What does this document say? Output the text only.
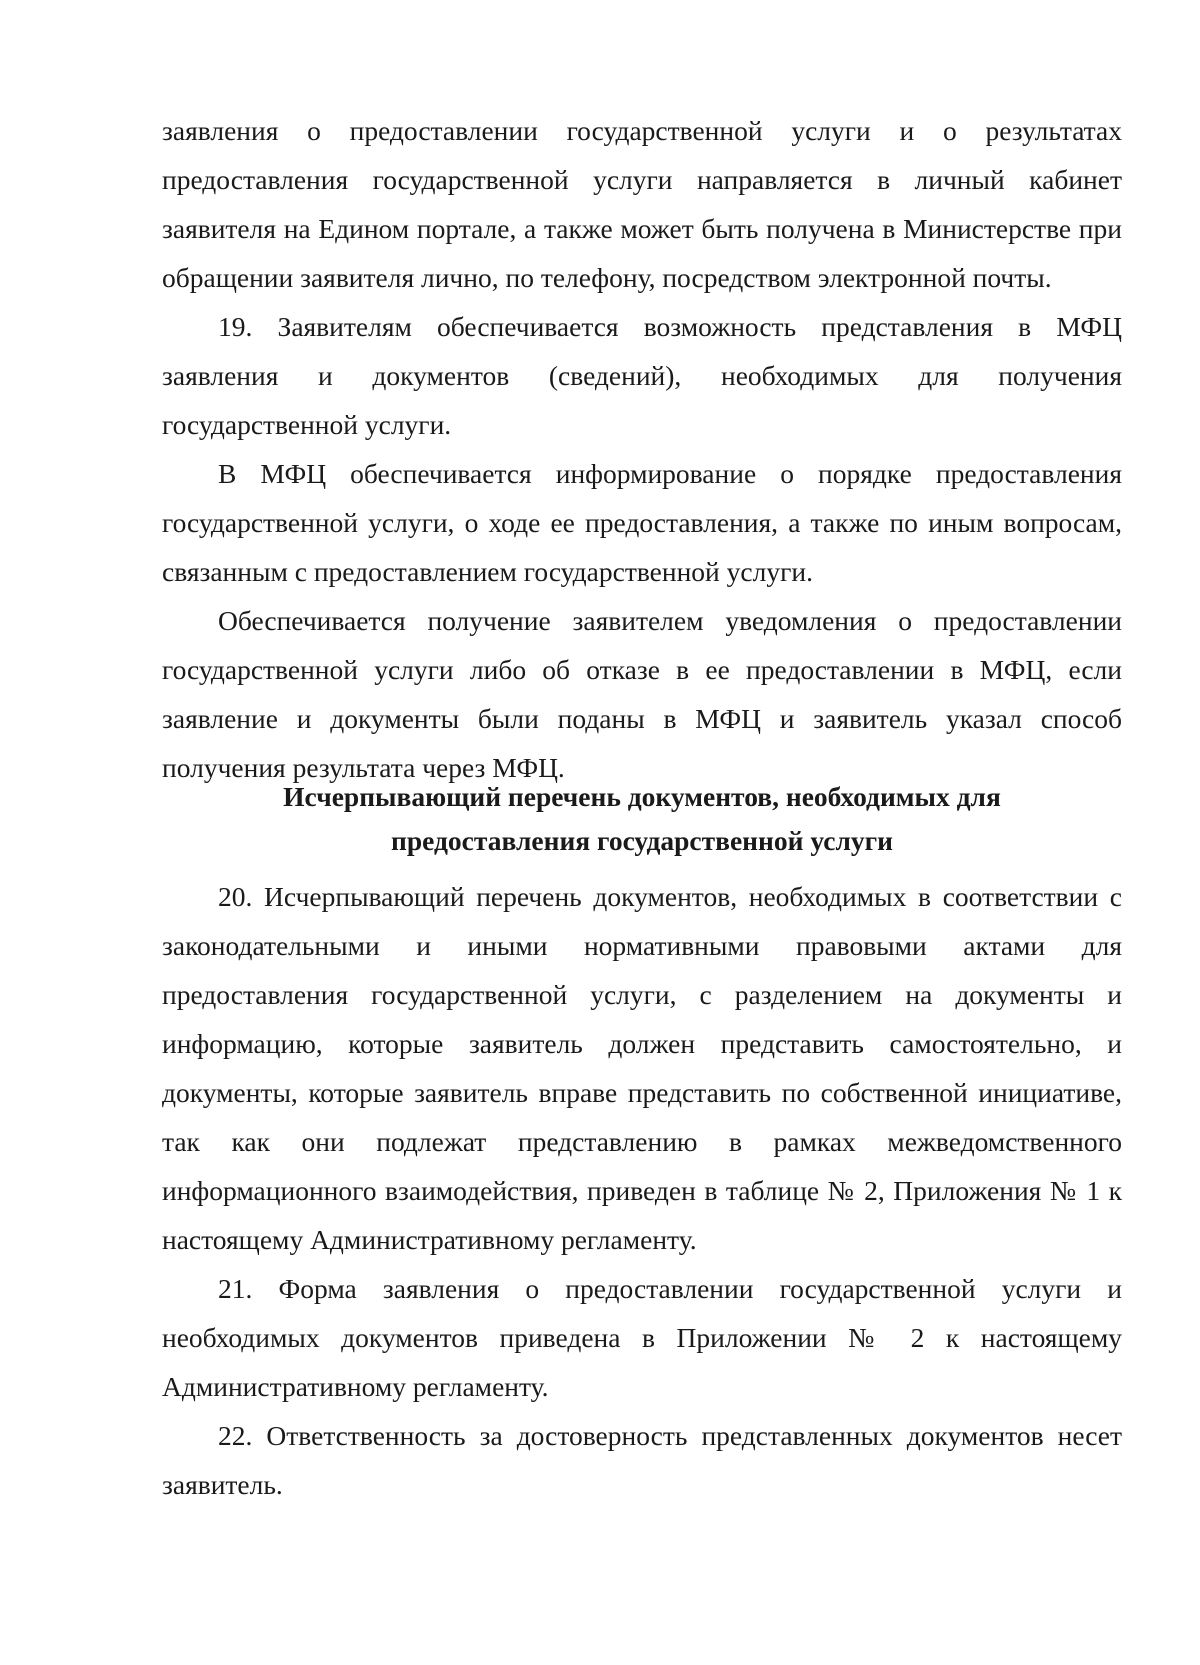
заявления о предоставлении государственной услуги и о результатах предоставления государственной услуги направляется в личный кабинет заявителя на Едином портале, а также может быть получена в Министерстве при обращении заявителя лично, по телефону, посредством электронной почты.

19. Заявителям обеспечивается возможность представления в МФЦ заявления и документов (сведений), необходимых для получения государственной услуги.

В МФЦ обеспечивается информирование о порядке предоставления государственной услуги, о ходе ее предоставления, а также по иным вопросам, связанным с предоставлением государственной услуги.

Обеспечивается получение заявителем уведомления о предоставлении государственной услуги либо об отказе в ее предоставлении в МФЦ, если заявление и документы были поданы в МФЦ и заявитель указал способ получения результата через МФЦ.

Исчерпывающий перечень документов, необходимых для

предоставления государственной услуги

20. Исчерпывающий перечень документов, необходимых в соответствии с законодательными и иными нормативными правовыми актами для предоставления государственной услуги, с разделением на документы и информацию, которые заявитель должен представить самостоятельно, и документы, которые заявитель вправе представить по собственной инициативе, так как они подлежат представлению в рамках межведомственного информационного взаимодействия, приведен в таблице № 2, Приложения № 1 к настоящему Административному регламенту.

21. Форма заявления о предоставлении государственной услуги и необходимых документов приведена в Приложении № 2 к настоящему Административному регламенту.

22. Ответственность за достоверность представленных документов несет заявитель.
